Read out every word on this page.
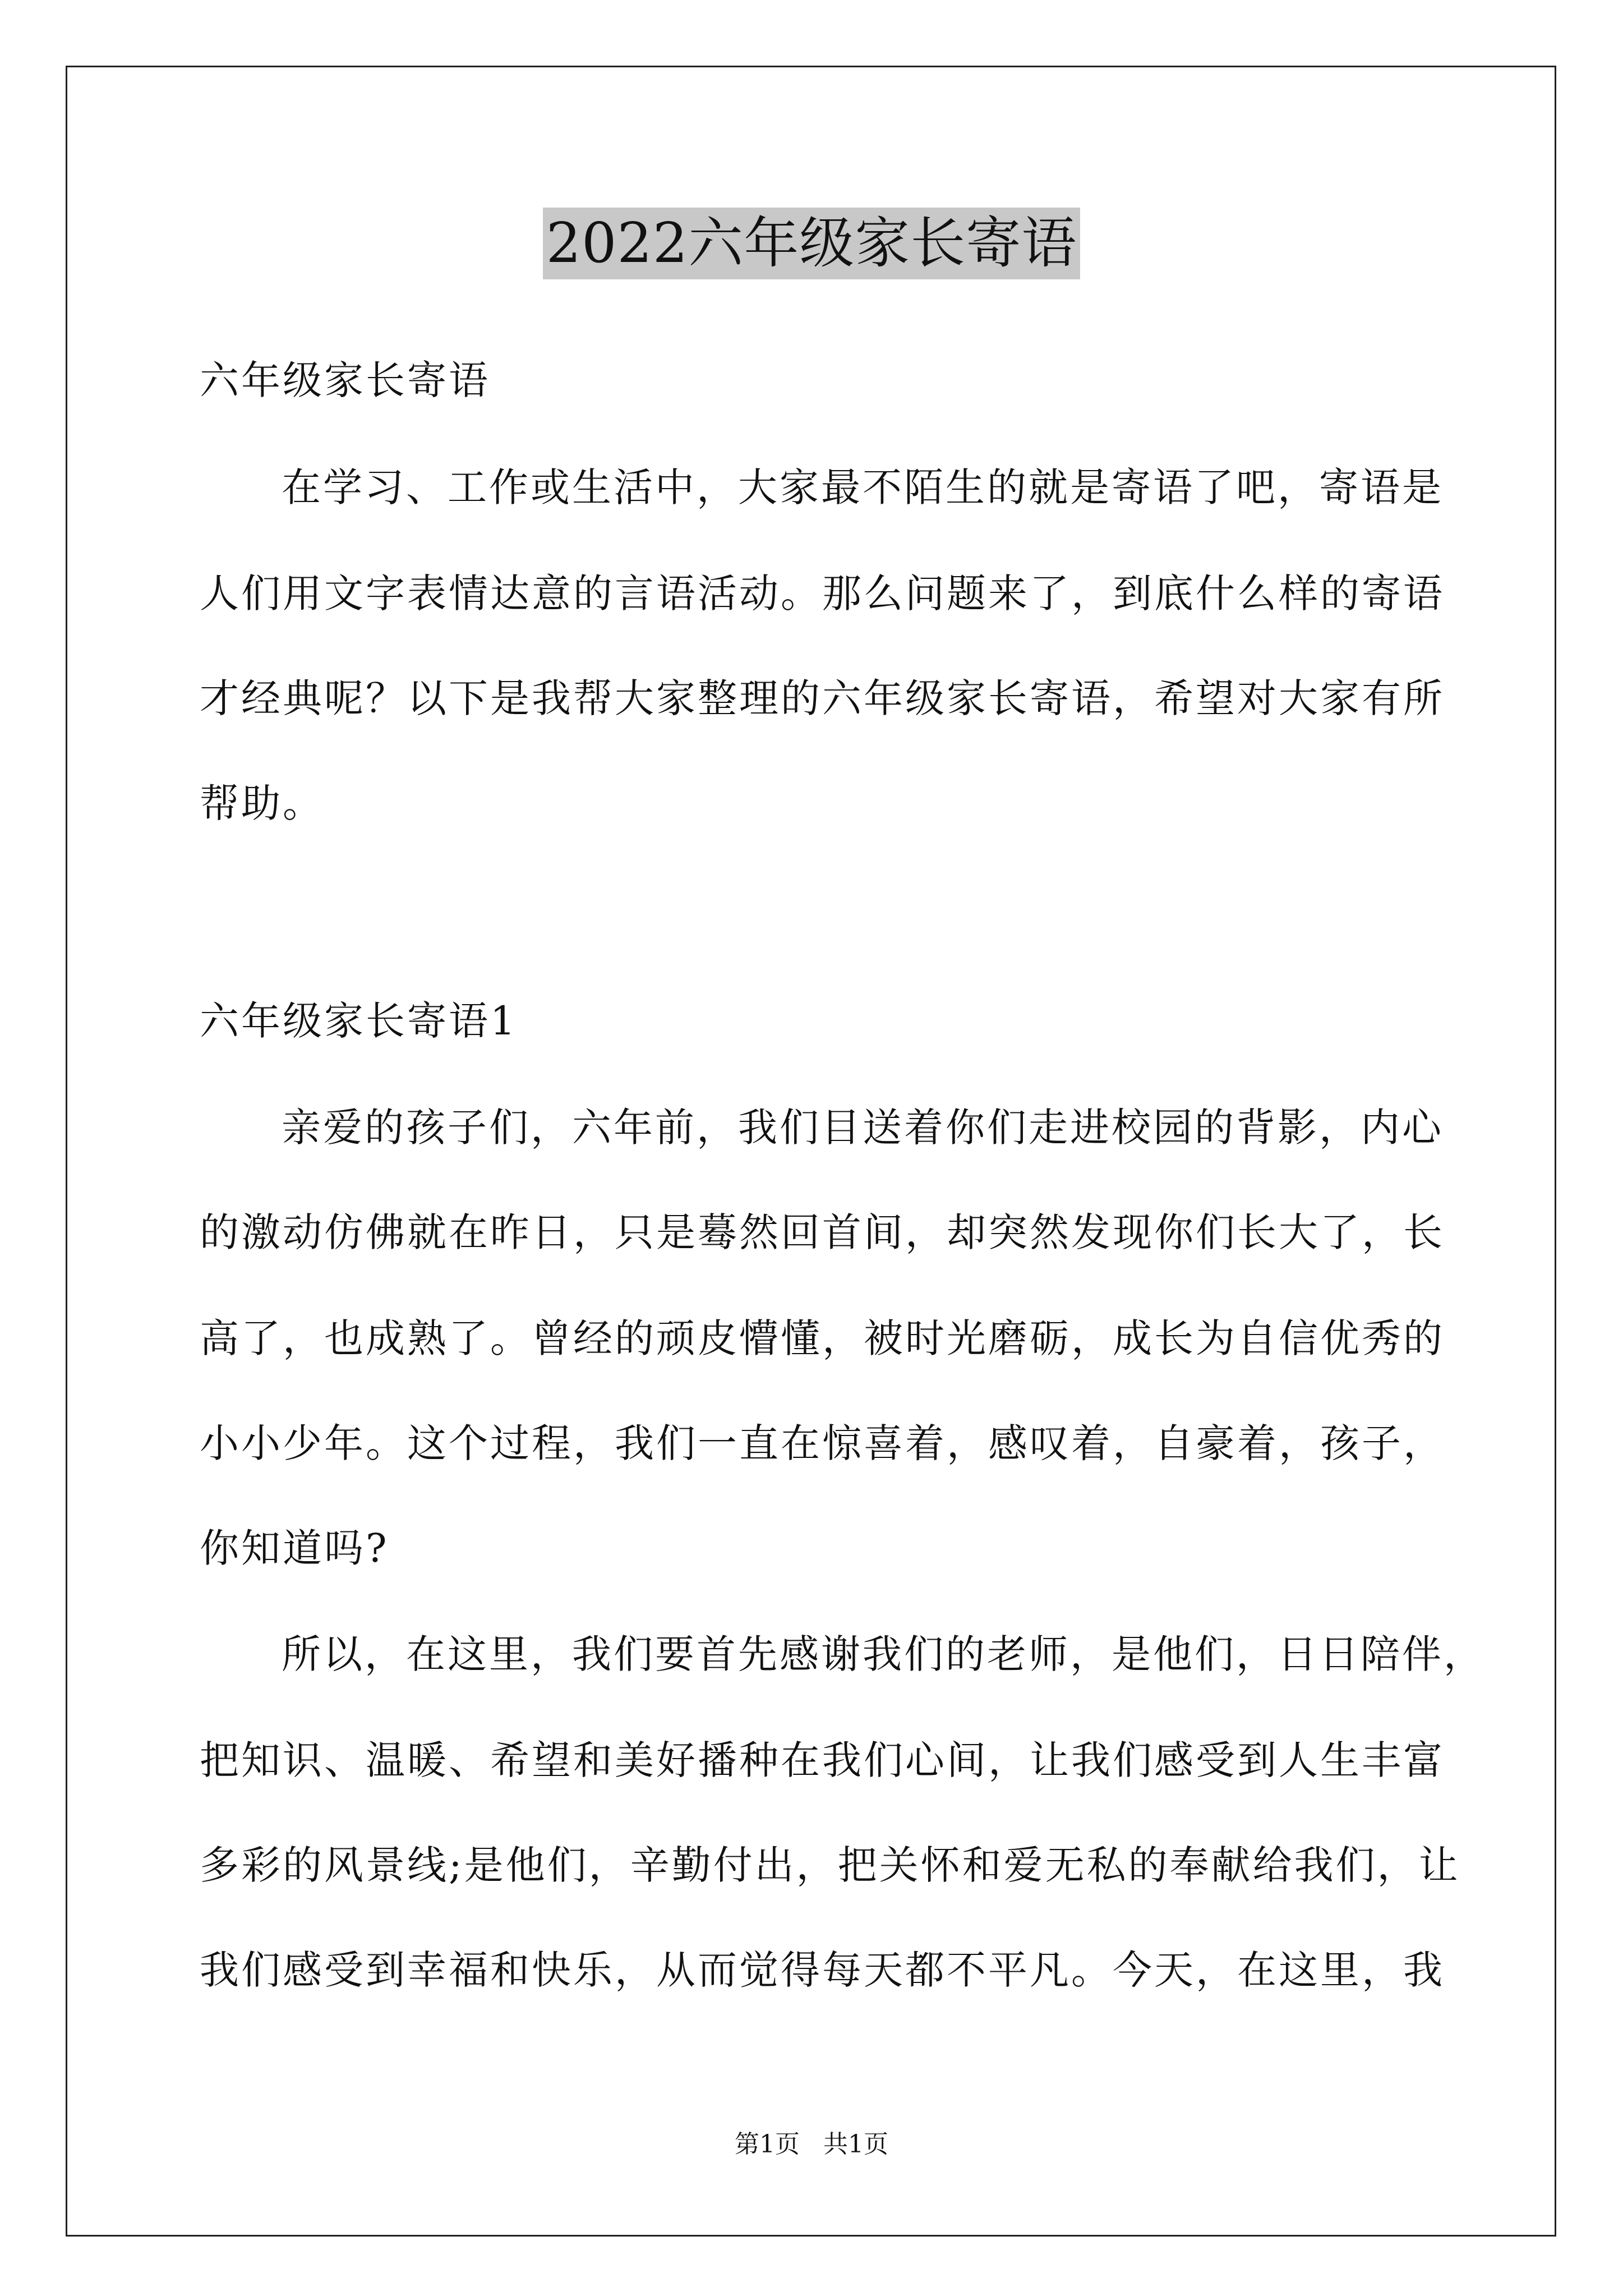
2022六年级家长寄语
六年级家长寄语
在学习、工作或生活中，大家最不陌生的就是寄语了吧，寄语是
人们用文字表情达意的言语活动。那么问题来了，到底什么样的寄语
才经典呢？以下是我帮大家整理的六年级家长寄语，希望对大家有所
帮助。
六年级家长寄语1
亲爱的孩子们，六年前，我们目送着你们走进校园的背影，内心
的激动仿佛就在昨日，只是蓦然回首间，却突然发现你们长大了，长
高了，也成熟了。曾经的顽皮懵懂，被时光磨砺，成长为自信优秀的
小小少年。这个过程，我们一直在惊喜着，感叹着，自豪着，孩子，
你知道吗?
所以，在这里，我们要首先感谢我们的老师，是他们，日日陪伴，
把知识、温暖、希望和美好播种在我们心间，让我们感受到人生丰富
多彩的风景线;是他们，辛勤付出，把关怀和爱无私的奉献给我们，让
我们感受到幸福和快乐，从而觉得每天都不平凡。今天，在这里，我
第1页 共1页
